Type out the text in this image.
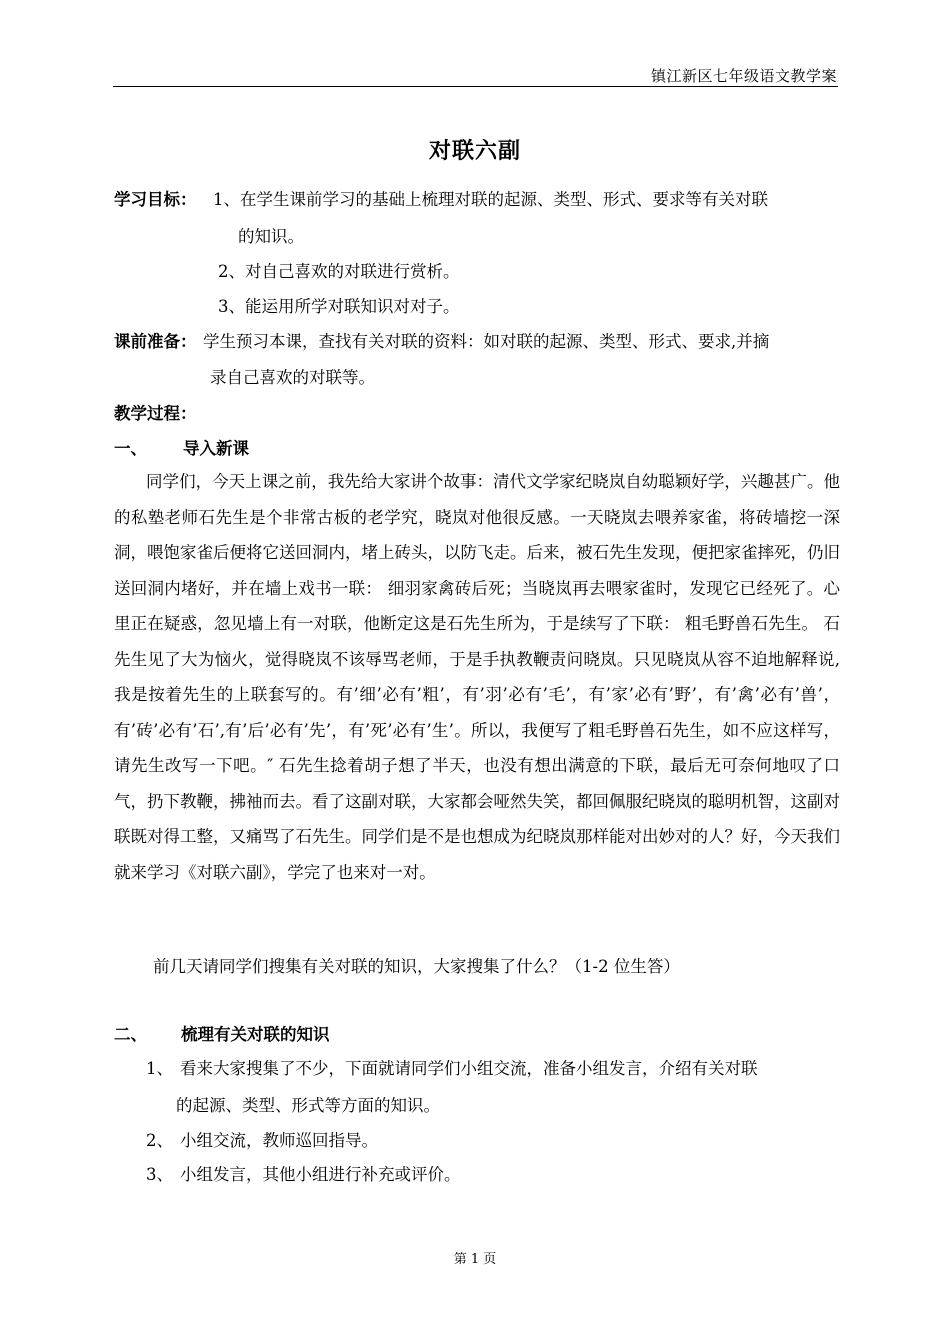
镇江新区七年级语文教学案
对联六副
学习目标： 1、在学生课前学习的基础上梳理对联的起源、类型、形式、要求等有关对联
的知识。
2、对自己喜欢的对联进行赏析。
3、能运用所学对联知识对对子。
课前准备： 学生预习本课，查找有关对联的资料：如对联的起源、类型、形式、要求,并摘
录自己喜欢的对联等。
教学过程：
一、 导入新课
同学们，今天上课之前，我先给大家讲个故事：清代文学家纪晓岚自幼聪颖好学，兴趣甚广。他的私塾老师石先生是个非常古板的老学究，晓岚对他很反感。一天晓岚去喂养家雀，将砖墙挖一深洞，喂饱家雀后便将它送回洞内，堵上砖头，以防飞走。后来，被石先生发现，便把家雀摔死，仍旧送回洞内堵好，并在墙上戏书一联： 细羽家禽砖后死；当晓岚再去喂家雀时，发现它已经死了。心里正在疑惑，忽见墙上有一对联，他断定这是石先生所为，于是续写了下联： 粗毛野兽石先生。 石先生见了大为恼火，觉得晓岚不该辱骂老师，于是手执教鞭责问晓岚。只见晓岚从容不迫地解释说,我是按着先生的上联套写的。有’细’必有’粗’，有’羽’必有’毛’，有’家’必有’野’，有’禽’必有’兽’，有’砖’必有’石’,有’后’必有’先’，有’死’必有’生’。所以，我便写了粗毛野兽石先生，如不应这样写，请先生改写一下吧。″ 石先生捻着胡子想了半天，也没有想出满意的下联，最后无可奈何地叹了口气，扔下教鞭，拂袖而去。看了这副对联，大家都会哑然失笑，都回佩服纪晓岚的聪明机智，这副对联既对得工整，又痛骂了石先生。同学们是不是也想成为纪晓岚那样能对出妙对的人？好，今天我们就来学习《对联六副》，学完了也来对一对。
前几天请同学们搜集有关对联的知识，大家搜集了什么？（1-2 位生答）
二、 梳理有关对联的知识
1、 看来大家搜集了不少，下面就请同学们小组交流，准备小组发言，介绍有关对联
的起源、类型、形式等方面的知识。
2、 小组交流，教师巡回指导。
3、 小组发言，其他小组进行补充或评价。
第 1 页
